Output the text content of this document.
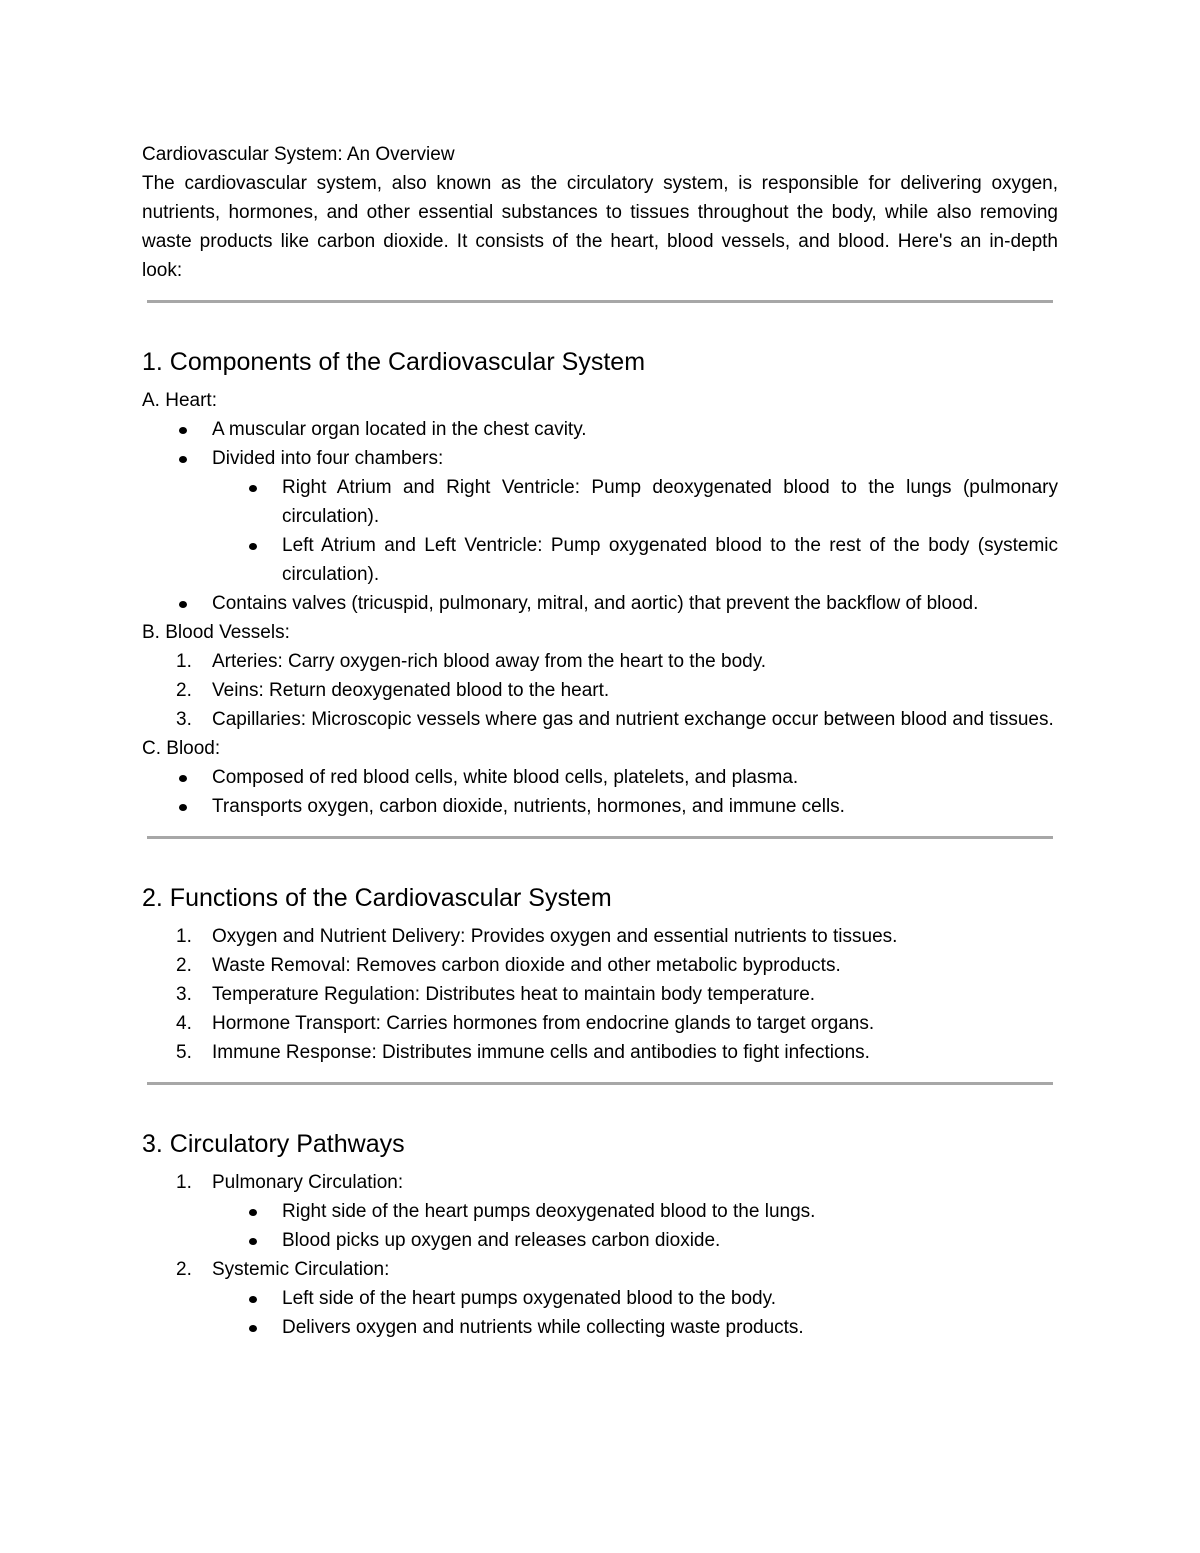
Cardiovascular System: An Overview

The cardiovascular system, also known as the circulatory system, is responsible for delivering oxygen, nutrients, hormones, and other essential substances to tissues throughout the body, while also removing waste products like carbon dioxide. It consists of the heart, blood vessels, and blood. Here's an in-depth look:

1. Components of the Cardiovascular System

A. Heart:

A muscular organ located in the chest cavity.
Divided into four chambers:
Right Atrium and Right Ventricle: Pump deoxygenated blood to the lungs (pulmonary circulation).
Left Atrium and Left Ventricle: Pump oxygenated blood to the rest of the body (systemic circulation).
Contains valves (tricuspid, pulmonary, mitral, and aortic) that prevent the backflow of blood.

B. Blood Vessels:

1. Arteries: Carry oxygen-rich blood away from the heart to the body.
2. Veins: Return deoxygenated blood to the heart.
3. Capillaries: Microscopic vessels where gas and nutrient exchange occur between blood and tissues.

C. Blood:

Composed of red blood cells, white blood cells, platelets, and plasma.
Transports oxygen, carbon dioxide, nutrients, hormones, and immune cells.
2. Functions of the Cardiovascular System
1. Oxygen and Nutrient Delivery: Provides oxygen and essential nutrients to tissues.
2. Waste Removal: Removes carbon dioxide and other metabolic byproducts.
3. Temperature Regulation: Distributes heat to maintain body temperature.
4. Hormone Transport: Carries hormones from endocrine glands to target organs.
5. Immune Response: Distributes immune cells and antibodies to fight infections.
3. Circulatory Pathways
1. Pulmonary Circulation:
Right side of the heart pumps deoxygenated blood to the lungs.
Blood picks up oxygen and releases carbon dioxide.
2. Systemic Circulation:
Left side of the heart pumps oxygenated blood to the body.
Delivers oxygen and nutrients while collecting waste products.
